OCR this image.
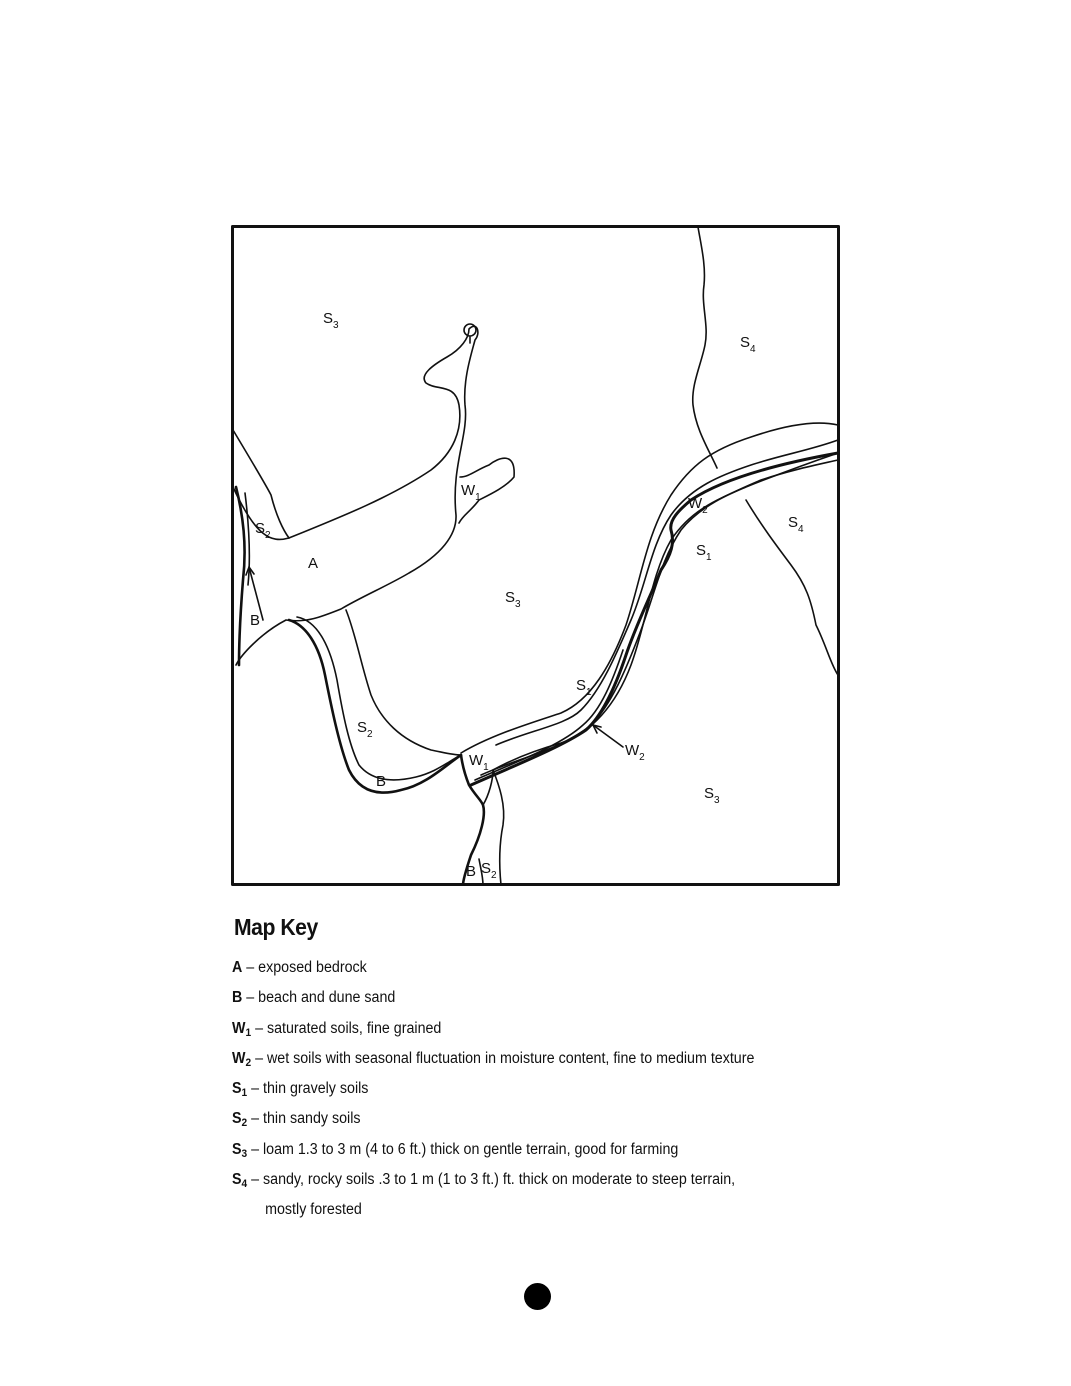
$S_3$
$S_4$
$W_1$	$W_2$
$S_4$
$S_2$
$S_1$
A
$S_3$
B
$S_1$
$S_2$
$W_2$
$W_1$
B
$S_3$
B $S_2$
Map Key
A – exposed bedrock
B – beach and dune sand
$W_1$ – saturated soils, fine grained
$W_2$ – wet soils with seasonal fluctuation in moisture content, fine to medium texture
$S_1$ – thin gravely soils
$S_2$ – thin sandy soils
$S_3$ – loam 1.3 to 3 m (4 to 6 ft.) thick on gentle terrain, good for farming
$S_4$ – sandy, rocky soils .3 to 1 m (1 to 3 ft.) ft. thick on moderate to steep terrain,
mostly forested
